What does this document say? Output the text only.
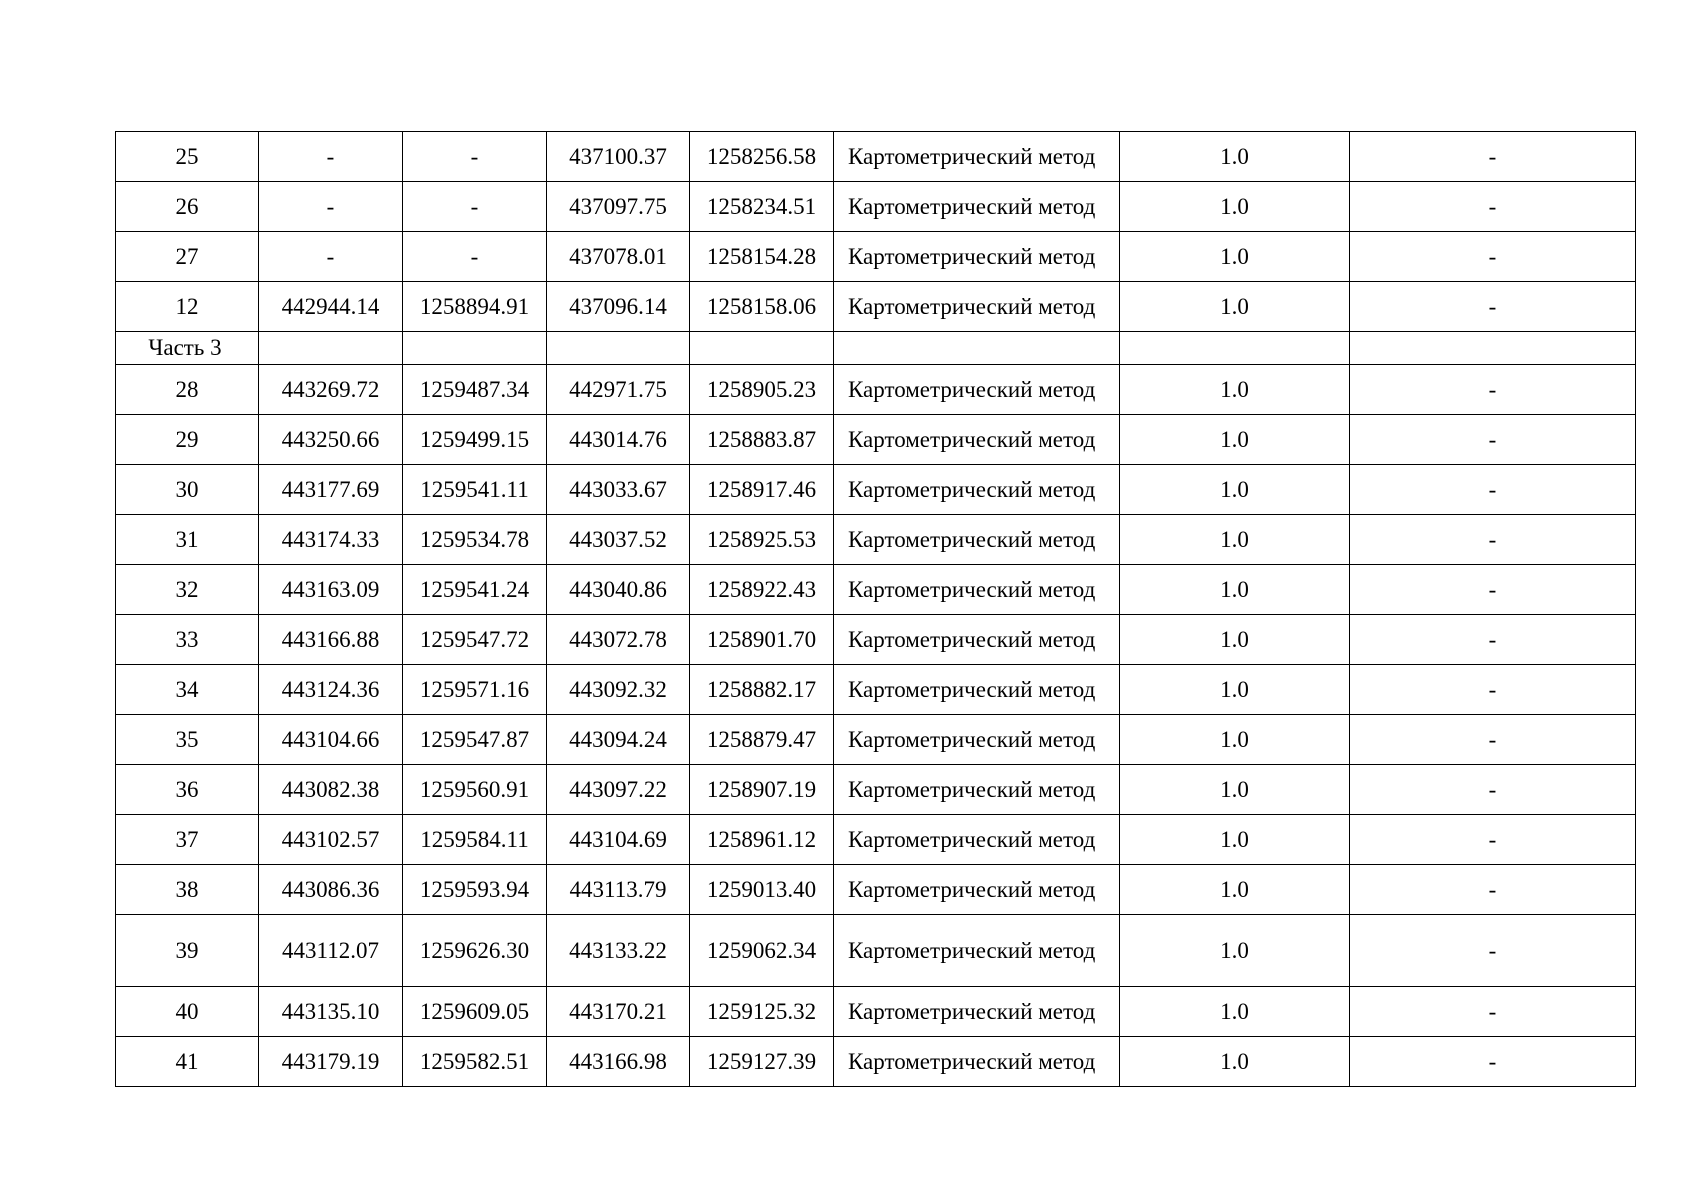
25	-	-	437100.37	1258256.58	Картометрический метод	1.0	-
26	-	-	437097.75	1258234.51	Картометрический метод	1.0	-
27	-	-	437078.01	1258154.28	Картометрический метод	1.0	-
12	442944.14	1258894.91	437096.14	1258158.06	Картометрический метод	1.0	-
Часть 3							
28	443269.72	1259487.34	442971.75	1258905.23	Картометрический метод	1.0	-
29	443250.66	1259499.15	443014.76	1258883.87	Картометрический метод	1.0	-
30	443177.69	1259541.11	443033.67	1258917.46	Картометрический метод	1.0	-
31	443174.33	1259534.78	443037.52	1258925.53	Картометрический метод	1.0	-
32	443163.09	1259541.24	443040.86	1258922.43	Картометрический метод	1.0	-
33	443166.88	1259547.72	443072.78	1258901.70	Картометрический метод	1.0	-
34	443124.36	1259571.16	443092.32	1258882.17	Картометрический метод	1.0	-
35	443104.66	1259547.87	443094.24	1258879.47	Картометрический метод	1.0	-
36	443082.38	1259560.91	443097.22	1258907.19	Картометрический метод	1.0	-
37	443102.57	1259584.11	443104.69	1258961.12	Картометрический метод	1.0	-
38	443086.36	1259593.94	443113.79	1259013.40	Картометрический метод	1.0	-
39	443112.07	1259626.30	443133.22	1259062.34	Картометрический метод	1.0	-
40	443135.10	1259609.05	443170.21	1259125.32	Картометрический метод	1.0	-
41	443179.19	1259582.51	443166.98	1259127.39	Картометрический метод	1.0	-
